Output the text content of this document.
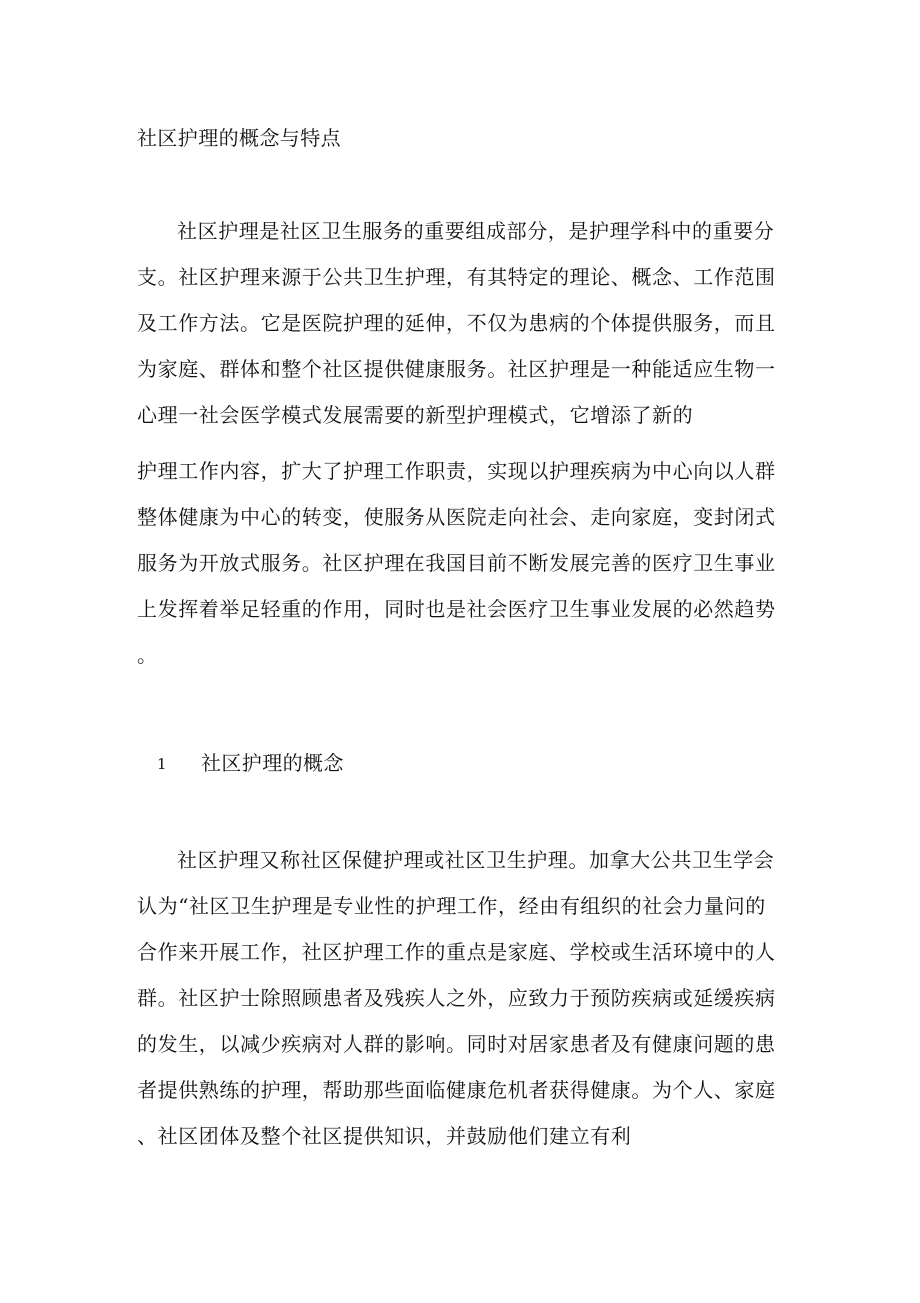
社区护理的概念与特点
社区护理是社区卫生服务的重要组成部分，是护理学科中的重要分
支。社区护理来源于公共卫生护理，有其特定的理论、概念、工作范围
及工作方法。它是医院护理的延伸，不仅为患病的个体提供服务，而且
为家庭、群体和整个社区提供健康服务。社区护理是一种能适应生物一
心理一社会医学模式发展需要的新型护理模式，它增添了新的
护理工作内容，扩大了护理工作职责，实现以护理疾病为中心向以人群
整体健康为中心的转变，使服务从医院走向社会、走向家庭，变封闭式
服务为开放式服务。社区护理在我国目前不断发展完善的医疗卫生事业
上发挥着举足轻重的作用，同时也是社会医疗卫生事业发展的必然趋势
。
1 社区护理的概念
社区护理又称社区保健护理或社区卫生护理。加拿大公共卫生学会
认为“社区卫生护理是专业性的护理工作，经由有组织的社会力量问的
合作来开展工作，社区护理工作的重点是家庭、学校或生活环境中的人
群。社区护士除照顾患者及残疾人之外，应致力于预防疾病或延缓疾病
的发生，以减少疾病对人群的影响。同时对居家患者及有健康问题的患
者提供熟练的护理，帮助那些面临健康危机者获得健康。为个人、家庭
、社区团体及整个社区提供知识，并鼓励他们建立有利
